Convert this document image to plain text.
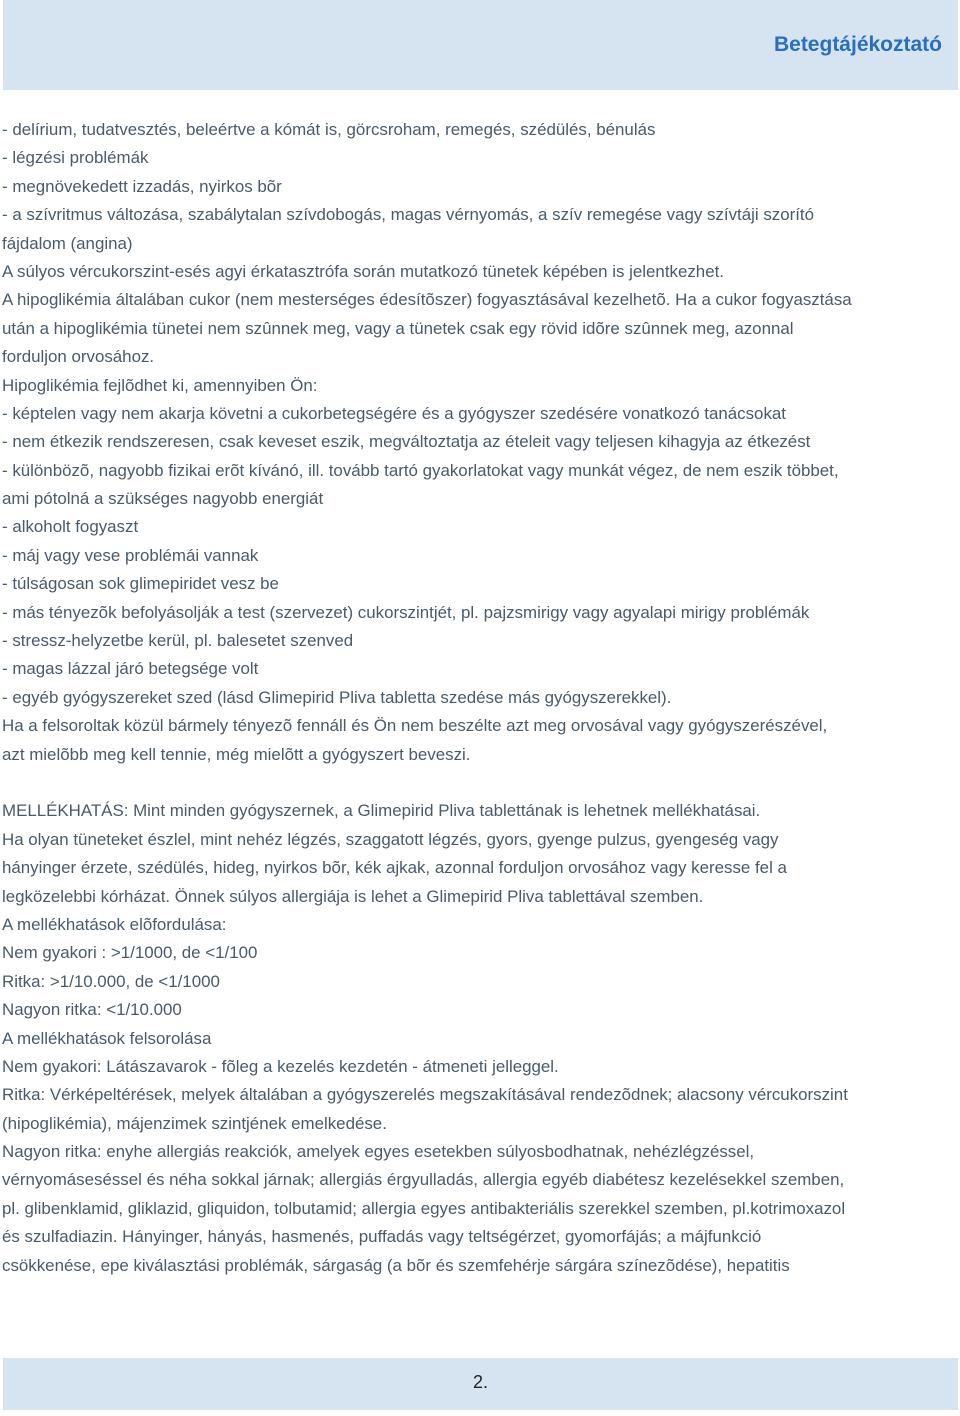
Betegtájékoztató
- delírium, tudatvesztés, beleértve a kómát is, görcsroham, remegés, szédülés, bénulás
- légzési problémák
- megnövekedett izzadás, nyirkos bõr
- a szívritmus változása, szabálytalan szívdobogás, magas vérnyomás, a szív remegése vagy szívtáji szorító
fájdalom (angina)
A súlyos vércukorszint-esés agyi érkatasztrófa során mutatkozó tünetek képében is jelentkezhet.
A hipoglikémia általában cukor (nem mesterséges édesítõszer) fogyasztásával kezelhetõ. Ha a cukor fogyasztása
után a hipoglikémia tünetei nem szûnnek meg, vagy a tünetek csak egy rövid idõre szûnnek meg, azonnal
forduljon orvosához.
Hipoglikémia fejlõdhet ki, amennyiben Ön:
- képtelen vagy nem akarja követni a cukorbetegségére és a gyógyszer szedésére vonatkozó tanácsokat
- nem étkezik rendszeresen, csak keveset eszik, megváltoztatja az ételeit vagy teljesen kihagyja az étkezést
- különbözõ, nagyobb fizikai erõt kívánó, ill. tovább tartó gyakorlatokat vagy munkát végez, de nem eszik többet,
ami pótolná a szükséges nagyobb energiát
- alkoholt fogyaszt
- máj vagy vese problémái vannak
- túlságosan sok glimepiridet vesz be
- más tényezõk befolyásolják a test (szervezet) cukorszintjét, pl. pajzsmirigy vagy agyalapi mirigy problémák
- stressz-helyzetbe kerül, pl. balesetet szenved
- magas lázzal járó betegsége volt
- egyéb gyógyszereket szed (lásd Glimepirid Pliva tabletta szedése más gyógyszerekkel).
Ha a felsoroltak közül bármely tényezõ fennáll és Ön nem beszélte azt meg orvosával vagy gyógyszerészével,
azt mielõbb meg kell tennie, még mielõtt a gyógyszert beveszi.
MELLÉKHATÁS: Mint minden gyógyszernek, a Glimepirid Pliva tablettának is lehetnek mellékhatásai.
Ha olyan tüneteket észlel, mint nehéz légzés, szaggatott légzés, gyors, gyenge pulzus, gyengeség vagy
hányinger érzete, szédülés, hideg, nyirkos bõr, kék ajkak, azonnal forduljon orvosához vagy keresse fel a
legközelebbi kórházat. Önnek súlyos allergiája is lehet a Glimepirid Pliva tablettával szemben.
A mellékhatások elõfordulása:
Nem gyakori : >1/1000, de <1/100
Ritka: >1/10.000, de <1/1000
Nagyon ritka: <1/10.000
A mellékhatások felsorolása
Nem gyakori: Látászavarok - fõleg a kezelés kezdetén - átmeneti jelleggel.
Ritka: Vérképeltérések, melyek általában a gyógyszerelés megszakításával rendezõdnek; alacsony vércukorszint
(hipoglikémia), májenzimek szintjének emelkedése.
Nagyon ritka: enyhe allergiás reakciók, amelyek egyes esetekben súlyosbodhatnak, nehézlégzéssel,
vérnyomáseséssel és néha sokkal járnak; allergiás érgyulladás, allergia egyéb diabétesz kezelésekkel szemben,
pl. glibenklamid, gliklazid, gliquidon, tolbutamid; allergia egyes antibakteriális szerekkel szemben, pl.kotrimoxazol
és szulfadiazin. Hányinger, hányás, hasmenés, puffadás vagy teltségérzet, gyomorfájás; a májfunkció
csökkenése, epe kiválasztási problémák, sárgaság (a bõr és szemfehérje sárgára színezõdése), hepatitis
2.
